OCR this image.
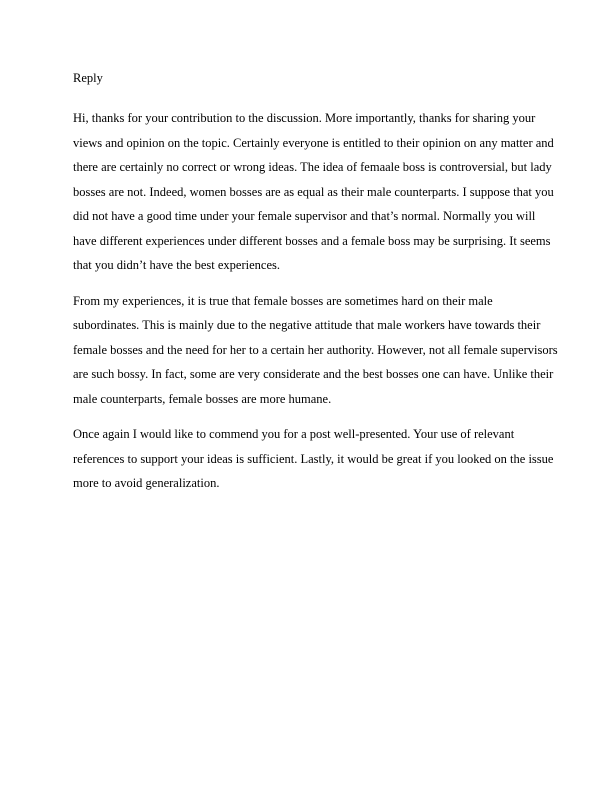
Reply
Hi, thanks for your contribution to the discussion. More importantly, thanks for sharing your
views and opinion on the topic. Certainly everyone is entitled to their opinion on any matter and
there are certainly no correct or wrong ideas. The idea of femaale boss is controversial, but lady
bosses are not. Indeed, women bosses are as equal as their male counterparts. I suppose that you
did not have a good time under your female supervisor and that’s normal. Normally you will
have different experiences under different bosses and a female boss may be surprising. It seems
that you didn’t have the best experiences.
From my experiences, it is true that female bosses are sometimes hard on their male
subordinates. This is mainly due to the negative attitude that male workers have towards their
female bosses and the need for her to a certain her authority. However, not all female supervisors
are such bossy. In fact, some are very considerate and the best bosses one can have. Unlike their
male counterparts, female bosses are more humane.
Once again I would like to commend you for a post well-presented. Your use of relevant
references to support your ideas is sufficient. Lastly, it would be great if you looked on the issue
more to avoid generalization.
